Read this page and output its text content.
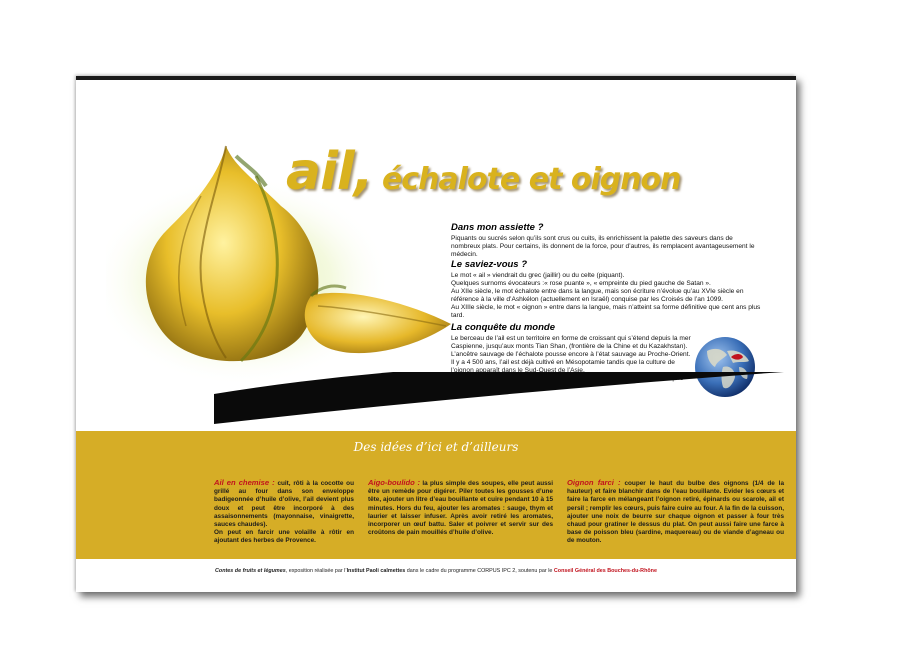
ail, échalote et oignon
Dans mon assiette ?

Piquants ou sucrés selon qu’ils sont crus ou cuits, ils enrichissent la palette des saveurs dans de nombreux plats. Pour certains, ils donnent de la force, pour d’autres, ils remplacent avantageusement le médecin.

Le saviez-vous ?

Le mot « ail » viendrait du grec (jaillir) ou du celte (piquant).

Quelques surnoms évocateurs :« rose puante », « empreinte du pied gauche de Satan ».

Au XIIe siècle, le mot échalote entre dans la langue, mais son écriture n’évolue qu’au XVIe siècle en référence à la ville d’Ashkélon (actuellement en Israël) conquise par les Croisés de l’an 1099.

Au XIIIe siècle, le mot « oignon » entre dans la langue, mais n’atteint sa forme définitive que cent ans plus tard.

La conquête du monde

Le berceau de l’ail est un territoire en forme de croissant qui s’étend depuis la mer Caspienne, jusqu’aux monts Tian Shan, (frontière de la Chine et du Kazakhstan).

L’ancêtre sauvage de l’échalote pousse encore à l’état sauvage au Proche-Orient.

Il y a 4 500 ans, l’ail est déjà cultivé en Mésopotamie tandis que la culture de l’oignon apparaît dans le Sud-Ouest de l’Asie.

Des idées d’ici et d’ailleurs

Ail en chemise : cuit, rôti à la cocotte ou grillé au four dans son enveloppe badigeonnée d’huile d’olive, l’ail devient plus doux et peut être incorporé à des assaisonnements (mayonnaise, vinaigrette, sauces chaudes).

On peut en farcir une volaille à rôtir en ajoutant des herbes de Provence.

Aigo-boulido : la plus simple des soupes, elle peut aussi être un remède pour digérer. Piler toutes les gousses d’une tête, ajouter un litre d’eau bouillante et cuire pendant 10 à 15 minutes. Hors du feu, ajouter les aromates : sauge, thym et laurier et laisser infuser. Après avoir retiré les aromates, incorporer un œuf battu. Saler et poivrer et servir sur des croûtons de pain mouillés d’huile d’olive.

Oignon farci : couper le haut du bulbe des oignons (1/4 de la hauteur) et faire blanchir dans de l’eau bouillante. Evider les cœurs et faire la farce en mélangeant l’oignon retiré, épinards ou scarole, ail et persil ; remplir les cœurs, puis faire cuire au four. A la fin de la cuisson, ajouter une noix de beurre sur chaque oignon et passer à four très chaud pour gratiner le dessus du plat. On peut aussi faire une farce à base de poisson bleu (sardine, maquereau) ou de viande d’agneau ou de mouton.

Contes de fruits et légumes, exposition réalisée par l’Institut Paoli calmettes dans le cadre du programme CORPUS IPC 2, soutenu par le Conseil Général des Bouches-du-Rhône
